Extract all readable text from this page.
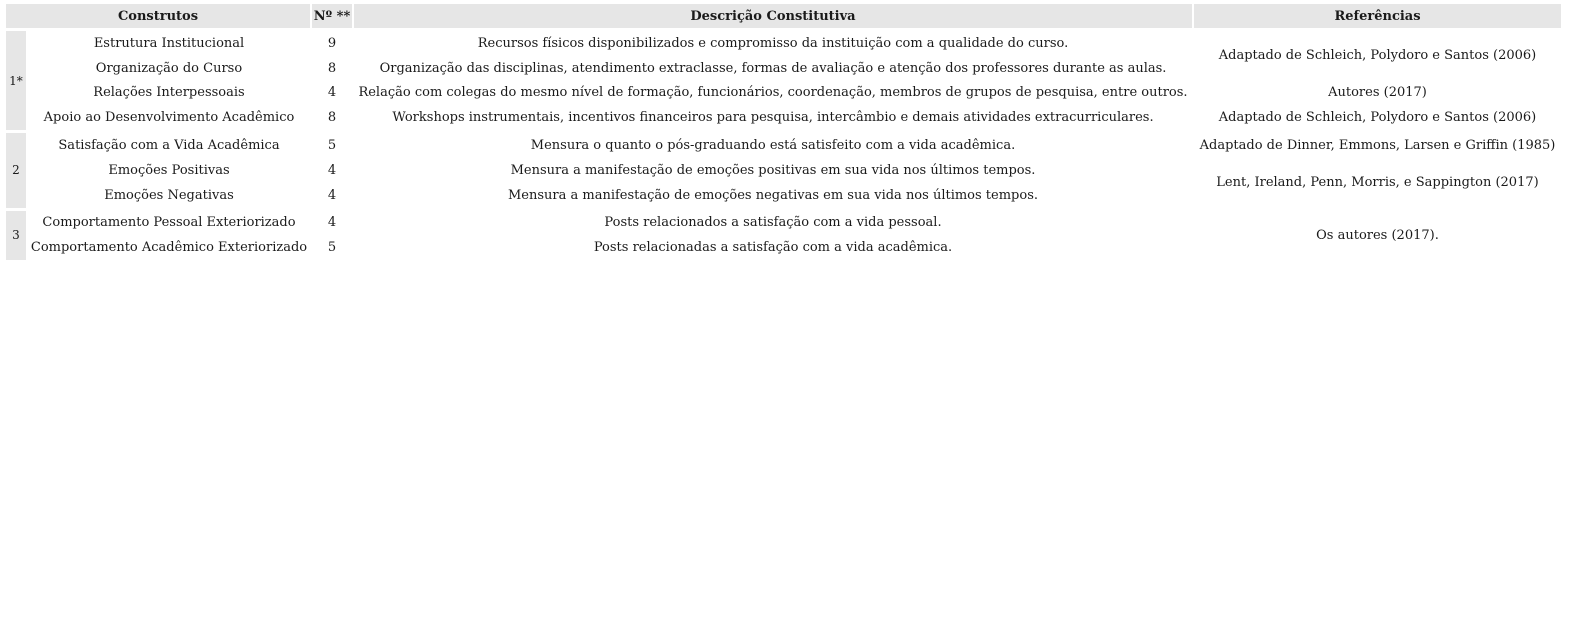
Construtos		Nº **	Descrição Constitutiva	Referências
1*	Estrutura Institucional	9	Recursos físicos disponibilizados e compromisso da instituição com a qualidade do curso.	Adaptado de Schleich, Polydoro e Santos (2006)
	Organização do Curso	8	Organização das disciplinas, atendimento extraclasse, formas de avaliação e atenção dos professores durante as aulas.	
	Relações Interpessoais	4	Relação com colegas do mesmo nível de formação, funcionários, coordenação, membros de grupos de pesquisa, entre outros.	Autores (2017)
	Apoio ao Desenvolvimento Acadêmico	8	Workshops instrumentais, incentivos financeiros para pesquisa, intercâmbio e demais atividades extracurriculares.	Adaptado de Schleich, Polydoro e Santos (2006)
2	Satisfação com a Vida Acadêmica	5	Mensura o quanto o pós-graduando está satisfeito com a vida acadêmica.	Adaptado de Dinner, Emmons, Larsen e Griffin (1985)
	Emoções Positivas	4	Mensura a manifestação de emoções positivas em sua vida nos últimos tempos.	Lent, Ireland, Penn, Morris, e Sappington (2017)
	Emoções Negativas	4	Mensura a manifestação de emoções negativas em sua vida nos últimos tempos.	
3	Comportamento Pessoal Exteriorizado	4	Posts relacionados a satisfação com a vida pessoal.	Os autores (2017).
	Comportamento Acadêmico Exteriorizado	5	Posts relacionadas a satisfação com a vida acadêmica.	
